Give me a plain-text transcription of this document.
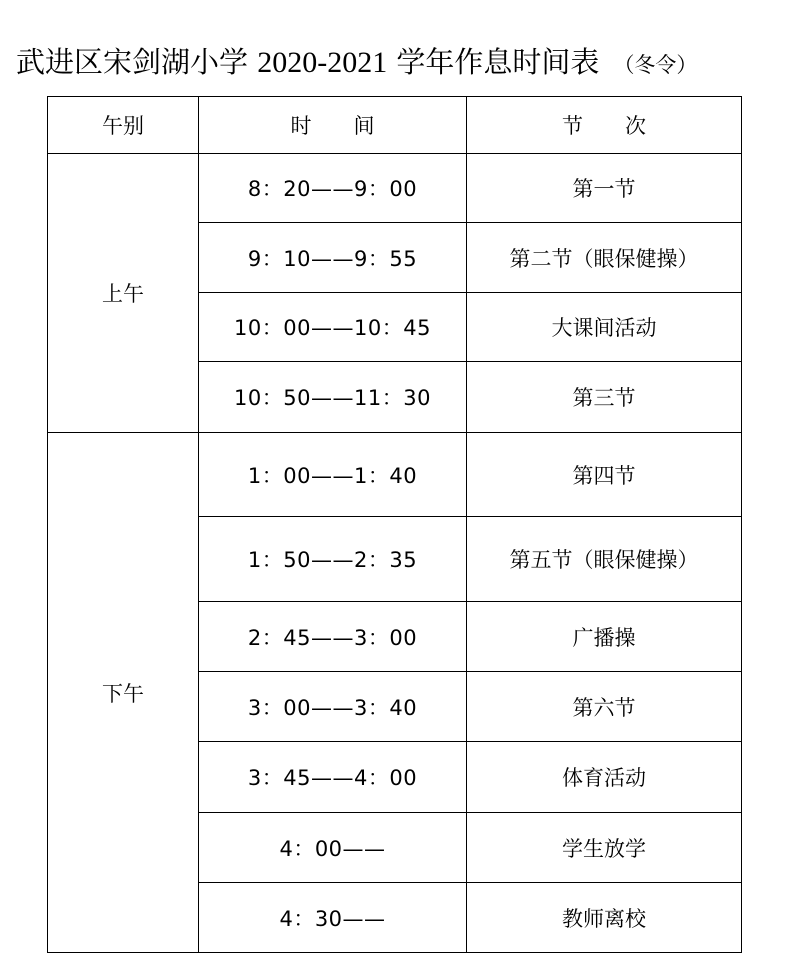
武进区宋剑湖小学 2020-2021 学年作息时间表 （冬令）
午别	时　　间	节　　次
上午	8：20——9：00	第一节
	9：10——9：55	第二节（眼保健操）
	10：00——10：45	大课间活动
	10：50——11：30	第三节
下午	1：00——1：40	第四节
	1：50——2：35	第五节（眼保健操）
	2：45——3：00	广播操
	3：00——3：40	第六节
	3：45——4：00	体育活动
	4：00——	学生放学
	4：30——	教师离校
